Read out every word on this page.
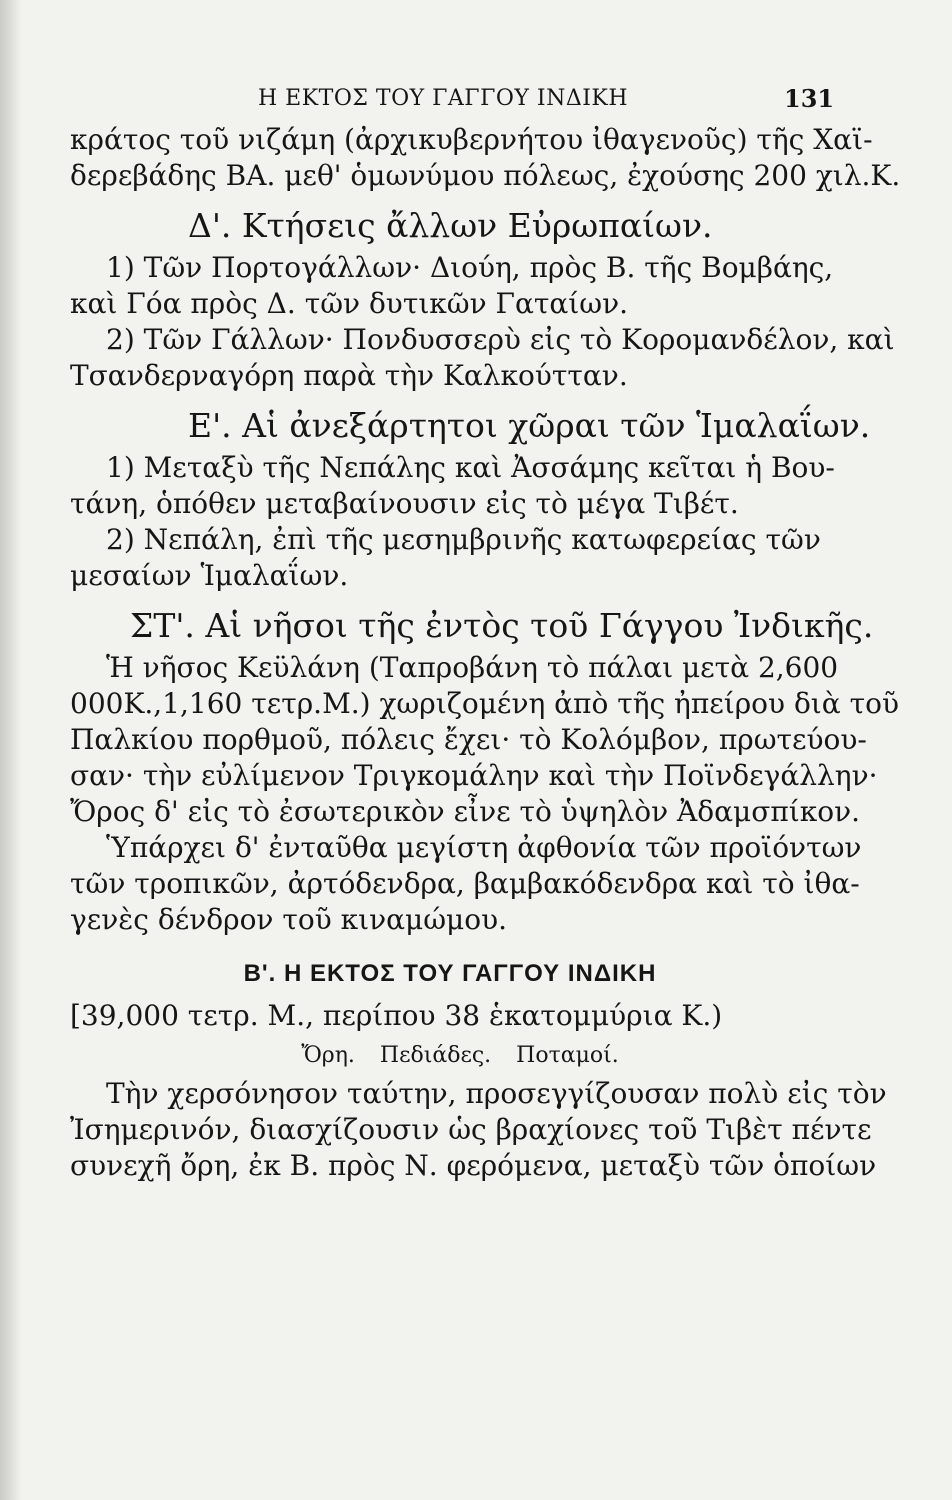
Η ΕΚΤΟΣ ΤΟΥ ΓΑΓΓΟΥ ΙΝΔΙΚΗ	131
κράτος τοῦ νιζάμη (ἀρχικυβερνήτου ἰθαγενοῦς) τῆς Χαϊ-
δερεβάδης ΒΑ. μεθ' ὁμωνύμου πόλεως, ἐχούσης 200 χιλ.Κ.
Δ'. Κτήσεις ἄλλων Εὐρωπαίων.
1) Τῶν Πορτογάλλων· Διούη, πρὸς Β. τῆς Βομβάης,
καὶ Γόα πρὸς Δ. τῶν δυτικῶν Γαταίων.
2) Τῶν Γάλλων· Πονδυσσερὺ εἰς τὸ Κορομανδέλον, καὶ
Τσανδερναγόρη παρὰ τὴν Καλκούτταν.
Ε'. Αἱ ἀνεξάρτητοι χῶραι τῶν Ἱμαλαΐων.
1) Μεταξὺ τῆς Νεπάλης καὶ Ἀσσάμης κεῖται ἡ Βου-
τάνη, ὁπόθεν μεταβαίνουσιν εἰς τὸ μέγα Τιβέτ.
2) Νεπάλη, ἐπὶ τῆς μεσημβρινῆς κατωφερείας τῶν
μεσαίων Ἱμαλαΐων.
ΣΤ'. Αἱ νῆσοι τῆς ἐντὸς τοῦ Γάγγου Ἰνδικῆς.
Ἡ νῆσος Κεϋλάνη (Ταπροβάνη τὸ πάλαι μετὰ 2,600
000Κ.,1,160 τετρ.Μ.) χωριζομένη ἀπὸ τῆς ἠπείρου διὰ τοῦ
Παλκίου πορθμοῦ, πόλεις ἔχει· τὸ Κολόμβον, πρωτεύου-
σαν· τὴν εὐλίμενον Τριγκομάλην καὶ τὴν Ποϊνδεγάλλην·
Ὄρος δ' εἰς τὸ ἐσωτερικὸν εἶνε τὸ ὑψηλὸν Ἀδαμσπίκον.
Ὑπάρχει δ' ἐνταῦθα μεγίστη ἀφθονία τῶν προϊόντων
τῶν τροπικῶν, ἀρτόδενδρα, βαμβακόδενδρα καὶ τὸ ἰθα-
γενὲς δένδρον τοῦ κιναμώμου.
Β'. Η ΕΚΤΟΣ ΤΟΥ ΓΑΓΓΟΥ ΙΝΔΙΚΗ
[39,000 τετρ. Μ., περίπου 38 ἑκατομμύρια Κ.)
Ὄρη. Πεδιάδες. Ποταμοί.
Τὴν χερσόνησον ταύτην, προσεγγίζουσαν πολὺ εἰς τὸν
Ἰσημερινόν, διασχίζουσιν ὡς βραχίονες τοῦ Τιβὲτ πέντε
συνεχῆ ὄρη, ἐκ Β. πρὸς Ν. φερόμενα, μεταξὺ τῶν ὁποίων
